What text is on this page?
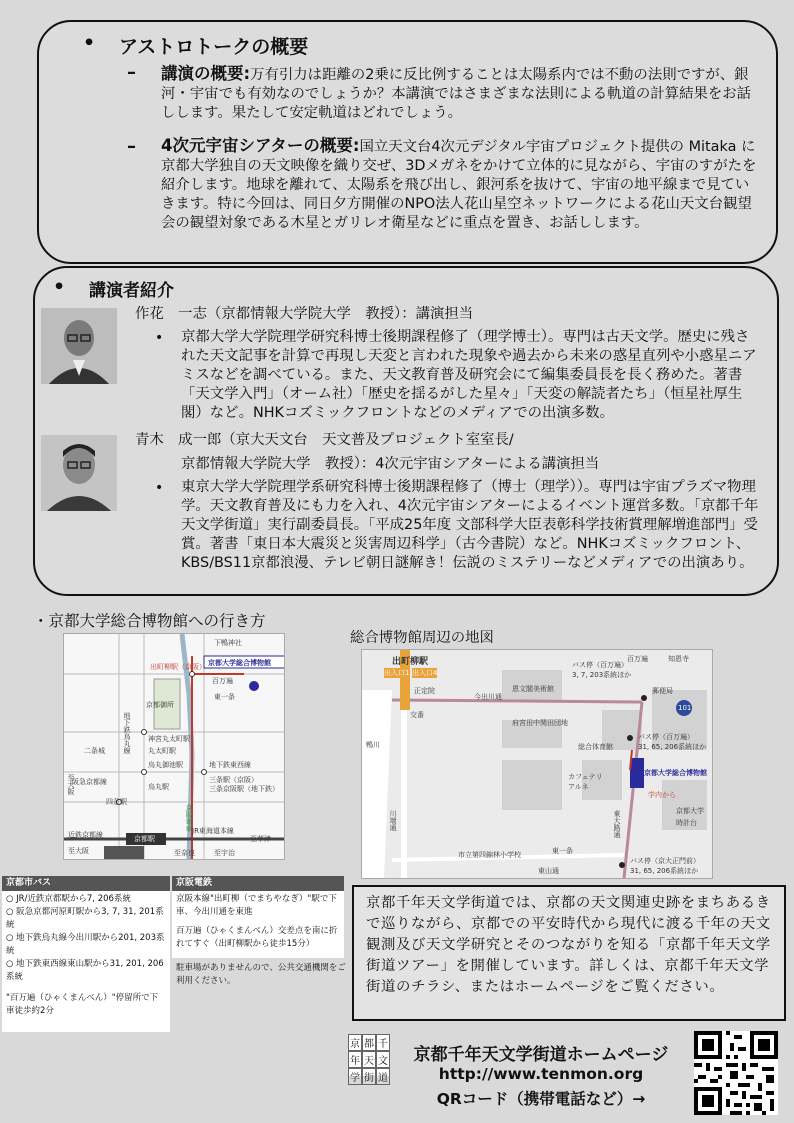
• アストロトークの概要
– 講演の概要:万有引力は距離の2乗に反比例することは太陽系内では不動の法則ですが、銀河・宇宙でも有効なのでしょうか？本講演ではさまざまな法則による軌道の計算結果をお話しします。果たして安定軌道はどれでしょう。
– 4次元宇宙シアターの概要:国立天文台4次元デジタル宇宙プロジェクト提供の Mitaka に京都大学独自の天文映像を織り交ぜ、3Dメガネをかけて立体的に見ながら、宇宙のすがたを紹介します。地球を離れて、太陽系を飛び出し、銀河系を抜けて、宇宙の地平線まで見ていきます。特に今回は、同日夕方開催のNPO法人花山星空ネットワークによる花山天文台観望会の観望対象である木星とガリレオ衛星などに重点を置き、お話しします。
• 講演者紹介
作花　一志（京都情報大学院大学　教授）：講演担当
• 京都大学大学院理学研究科博士後期課程修了（理学博士）。専門は古天文学。歴史に残された天文記事を計算で再現し天変と言われた現象や過去から未来の惑星直列や小惑星ニアミスなどを調べている。また、天文教育普及研究会にて編集委員長を長く務めた。著書「天文学入門」（オーム社）「歴史を揺るがした星々」「天変の解読者たち」（恒星社厚生閣）など。NHKコズミックフロントなどのメディアでの出演多数。
青木　成一郎（京大天文台　天文普及プロジェクト室室長/
京都情報大学院大学　教授）：4次元宇宙シアターによる講演担当
• 東京大学大学院理学系研究科博士後期課程修了（博士（理学））。専門は宇宙プラズマ物理学。天文教育普及にも力を入れ、4次元宇宙シアターによるイベント運営多数。「京都千年天文学街道」実行副委員長。「平成25年度 文部科学大臣表彰科学技術賞理解増進部門」受賞。著書「東日本大震災と災害周辺科学」（古今書院）など。NHKコズミックフロント、KBS/BS11京都浪漫、テレビ朝日謎解き！伝説のミステリーなどメディアでの出演あり。
・京都大学総合博物館への行き方
総合博物館周辺の地図
下鴨神社
出町柳駅（京阪） 京都大学総合博物館
百万遍
東一条
京都御所
神宮丸太町駅
丸太町駅
二条城
地下鉄東西線
三条駅（京阪）
三条京阪駅（地下鉄）
烏丸御池駅
四条駅
烏丸駅
阪急京都線
JR東海道本線
京都駅
地下鉄烏丸線
至大阪
京阪電車
至大阪
至草津
近鉄京都線
至奈良	至宇治
出町柳駅
出入口1 出入口4
正定院
交番
今出川通
恩文閣美術館
府宮田中関田団地
バス停（百万遍）
3, 7, 203系統ほか
百万遍	知恩寺
郵便局
101
総合体育館
バス停（百万遍）
31, 65, 206系統ほか
カフェテリアルネ
京都大学総合博物館
学内から
京都大学
時計台
鴨川
川端通
東一条
東山通
東大路通
市立第四錦林小学校
バス停（京大正門前）
31, 65, 206系統ほか
京都市バス
○ JR/近鉄京都駅から7, 206系統
○ 阪急京都河原町駅から3, 7, 31, 201系統
○ 地下鉄烏丸線今出川駅から201, 203系統
○ 地下鉄東西線東山駅から31, 201, 206系統
"百万遍（ひゃくまんべん）"停留所で下車徒歩約2分
京阪電鉄
京阪本線"出町柳（でまちやなぎ）"駅で下車、今出川通を東進
百万遍（ひゃくまんべん）交差点を南に折れてすぐ（出町柳駅から徒歩15分）
駐車場がありませんので、公共交通機関をご利用ください。
京都千年天文学街道では、京都の天文関連史跡をまちあるきで巡りながら、京都での平安時代から現代に渡る千年の天文観測及び天文学研究とそのつながりを知る「京都千年天文学街道ツアー」を開催しています。詳しくは、京都千年天文学街道のチラシ、またはホームページをご覧ください。
京 都 千
年 天 文
学 街 道
京都千年天文学街道ホームページ
http://www.tenmon.org
QRコード（携帯電話など）→
